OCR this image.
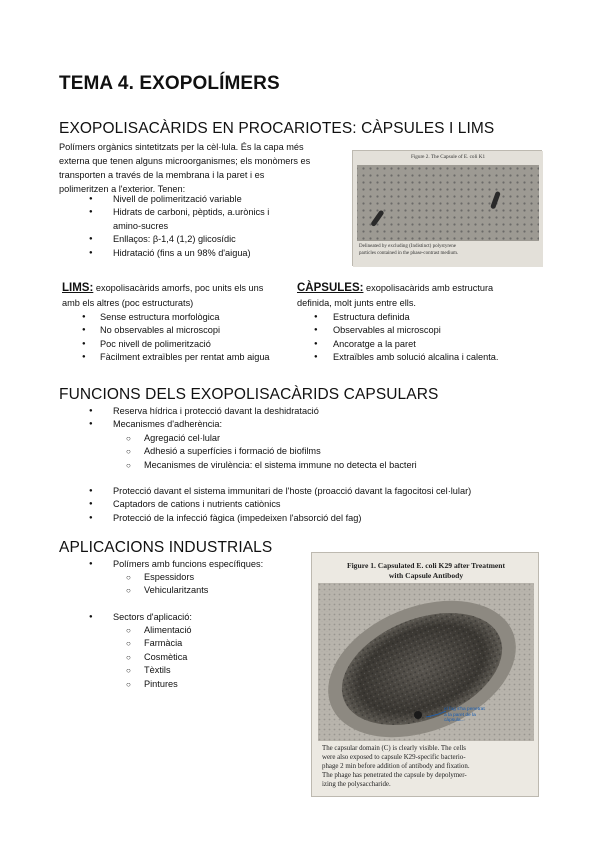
TEMA 4. EXOPOLÍMERS
EXOPOLISACÀRIDS EN PROCARIOTES: CÀPSULES I LIMS
Polímers orgànics sintetitzats per la cèl·lula. És la capa més
externa que tenen alguns microorganismes; els monòmers es
transporten a través de la membrana i la paret i es
polimeritzen a l'exterior. Tenen:
● Nivell de polimerització variable
● Hidrats de carboni, pèptids, a.urònics i
amino-sucres
● Enllaços: β-1,4 (1,2) glicosídic
● Hidratació (fins a un 98% d'aigua)
Figure 2. The Capsule of E. coli K1
Delineated by excluding (Indistinct) polystyrene
particles contained in the phase-contrast medium.
LIMS: exopolisacàrids amorfs, poc units els uns
amb els altres (poc estructurats)
● Sense estructura morfològica
● No observables al microscopi
● Poc nivell de polimerització
● Fàcilment extraïbles per rentat amb aigua
CÀPSULES: exopolisacàrids amb estructura
definida, molt junts entre ells.
● Estructura definida
● Observables al microscopi
● Ancoratge a la paret
● Extraïbles amb solució alcalina i calenta.
FUNCIONS DELS EXOPOLISACÀRIDS CAPSULARS
● Reserva hídrica i protecció davant la deshidratació
● Mecanismes d'adherència:
○ Agregació cel·lular
○ Adhesió a superfícies i formació de biofilms
○ Mecanismes de virulència: el sistema immune no detecta el bacteri
● Protecció davant el sistema immunitari de l'hoste (proacció davant la fagocitosi cel·lular)
● Captadors de cations i nutrients catiònics
● Protecció de la infecció fàgica (impedeixen l'absorció del fag)
APLICACIONS INDUSTRIALS
● Polímers amb funcions específiques:
○ Espessidors
○ Vehicularitzants
● Sectors d'aplicació:
○ Alimentació
○ Farmàcia
○ Cosmètica
○ Tèxtils
○ Pintures
Figure 1. Capsulated E. coli K29 after Treatment
with Capsule Antibody
el fag s'ha penetrat
a la paret de la
càpsula...
The capsular domain (C) is clearly visible. The cells
were also exposed to capsule K29-specific bacterio-
phage 2 min before addition of antibody and fixation.
The phage has penetrated the capsule by depolymer-
izing the polysaccharide.
